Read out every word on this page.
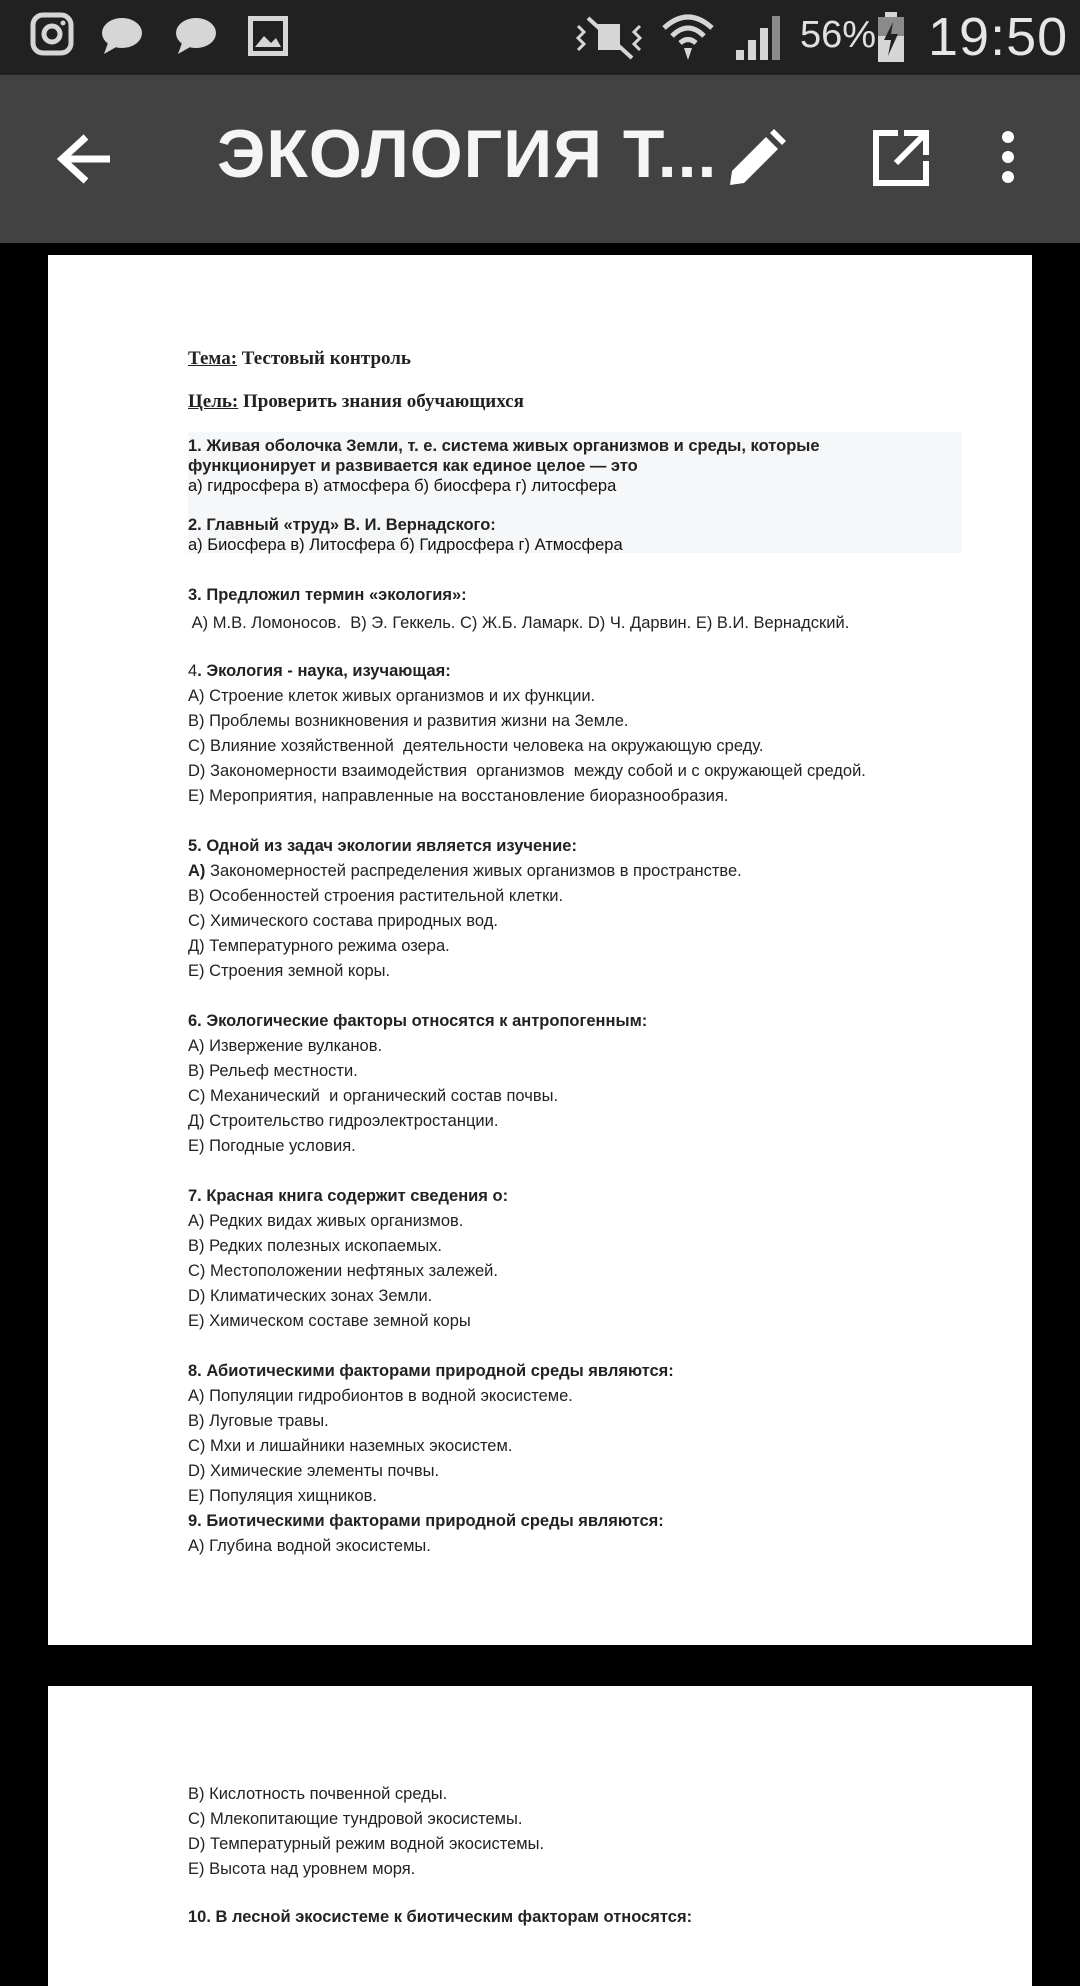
56% 19:50
ЭКОЛОГИЯ Т...

Тема: Тестовый контроль

Цель: Проверить знания обучающихся

1. Живая оболочка Земли, т. е. система живых организмов и среды, которые функционирует и развивается как единое целое — это

а) гидросфера в) атмосфера б) биосфера г) литосфера

2. Главный «труд» В. И. Вернадского:

а) Биосфера в) Литосфера б) Гидросфера г) Атмосфера

3. Предложил термин «экология»:

A) М.В. Ломоносов.  B) Э. Геккель. C) Ж.Б. Ламарк. D) Ч. Дарвин. E) В.И. Вернадский.

4. Экология - наука, изучающая:

A) Строение клеток живых организмов и их функции.

B) Проблемы возникновения и развития жизни на Земле.

C) Влияние хозяйственной  деятельности человека на окружающую среду.

D) Закономерности взаимодействия  организмов  между собой и с окружающей средой.

E) Мероприятия, направленные на восстановление биоразнообразия.

5. Одной из задач экологии является изучение:

А) Закономерностей распределения живых организмов в пространстве.

В) Особенностей строения растительной клетки.

С) Химического состава природных вод.

Д) Температурного режима озера.

Е) Строения земной коры.

6. Экологические факторы относятся к антропогенным:

А) Извержение вулканов.

В) Рельеф местности.

С) Механический  и органический состав почвы.

Д) Строительство гидроэлектростанции.

Е) Погодные условия.

7. Красная книга содержит сведения о:

A) Редких видах живых организмов.

B) Редких полезных ископаемых.

C) Местоположении нефтяных залежей.

D) Климатических зонах Земли.

E) Химическом составе земной коры

8. Абиотическими факторами природной среды являются:

A) Популяции гидробионтов в водной экосистеме.

B) Луговые травы.

C) Мхи и лишайники наземных экосистем.

D) Химические элементы почвы.

E) Популяция хищников.

9. Биотическими факторами природной среды являются:

A) Глубина водной экосистемы.

B) Кислотность почвенной среды.

C) Млекопитающие тундровой экосистемы.

D) Температурный режим водной экосистемы.

E) Высота над уровнем моря.

10. В лесной экосистеме к биотическим факторам относятся:
